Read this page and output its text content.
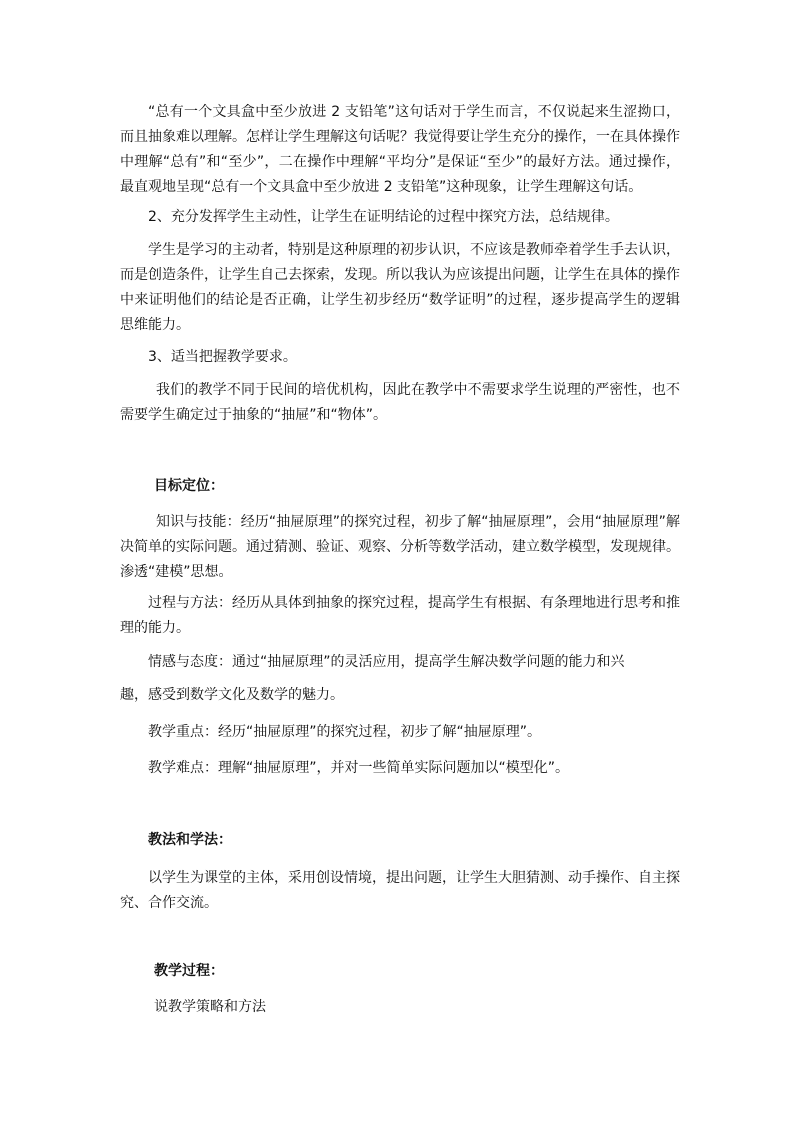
“总有一个文具盒中至少放进 2 支铅笔”这句话对于学生而言，不仅说起来生涩拗口，而且抽象难以理解。怎样让学生理解这句话呢？我觉得要让学生充分的操作，一在具体操作中理解“总有”和“至少”，二在操作中理解“平均分”是保证“至少”的最好方法。通过操作，最直观地呈现“总有一个文具盒中至少放进 2 支铅笔”这种现象，让学生理解这句话。

2、充分发挥学生主动性，让学生在证明结论的过程中探究方法，总结规律。

学生是学习的主动者，特别是这种原理的初步认识，不应该是教师牵着学生手去认识，而是创造条件，让学生自己去探索，发现。所以我认为应该提出问题，让学生在具体的操作中来证明他们的结论是否正确，让学生初步经历“数学证明”的过程，逐步提高学生的逻辑思维能力。

3、适当把握教学要求。

我们的教学不同于民间的培优机构，因此在教学中不需要求学生说理的严密性，也不需要学生确定过于抽象的“抽屉”和“物体”。

目标定位：

知识与技能：经历“抽屉原理”的探究过程，初步了解“抽屉原理”，会用“抽屉原理”解决简单的实际问题。通过猜测、验证、观察、分析等数学活动，建立数学模型，发现规律。渗透“建模”思想。

过程与方法：经历从具体到抽象的探究过程，提高学生有根据、有条理地进行思考和推理的能力。

情感与态度：通过“抽屉原理”的灵活应用，提高学生解决数学问题的能力和兴

趣，感受到数学文化及数学的魅力。

教学重点：经历“抽屉原理”的探究过程，初步了解“抽屉原理”。

教学难点：理解“抽屉原理”，并对一些简单实际问题加以“模型化”。

教法和学法：

以学生为课堂的主体，采用创设情境，提出问题，让学生大胆猜测、动手操作、自主探究、合作交流。

教学过程：

说教学策略和方法
